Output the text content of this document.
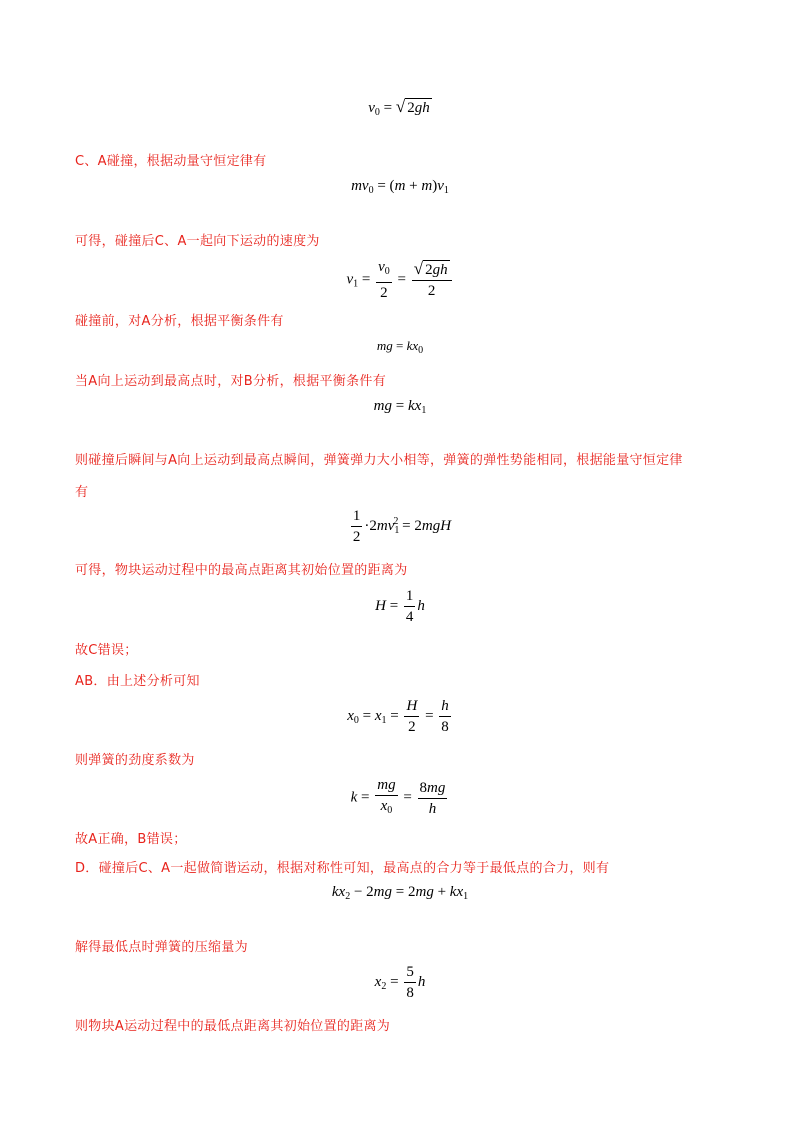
$v_0$ = √ 2gh
C、A碰撞，根据动量守恒定律有
$mv_0 = (m + m)v_1$
可得，碰撞后C、A一起向下运动的速度为
$v_1 = \frac{v_0}{2} = \frac{√ 2gh}{2}$
碰撞前，对A分析，根据平衡条件有
mg = $kx_0$
当A向上运动到最高点时，对B分析，根据平衡条件有
mg = $kx_1$
则碰撞后瞬间与A向上运动到最高点瞬间，弹簧弹力大小相等，弹簧的弹性势能相同，根据能量守恒定律
有
$\frac{1}{2} \cdot 2mv_1^2 = 2mgH$
可得，物块运动过程中的最高点距离其初始位置的距离为
$H = \frac{1}{4}$ h
故C错误；
AB．由上述分析可知
$x_0 = x_1 = \frac{H}{2} = \frac{h}{8}$
则弹簧的劲度系数为
$k = \frac{mg}{x_0} = \frac{8mg}{h}$
故A正确，B错误；
D．碰撞后C、A一起做简谐运动，根据对称性可知，最高点的合力等于最低点的合力，则有
$kx_2 - 2mg = 2mg + kx_1$
解得最低点时弹簧的压缩量为
$x_2 = \frac{5}{8}$ h
则物块A运动过程中的最低点距离其初始位置的距离为
